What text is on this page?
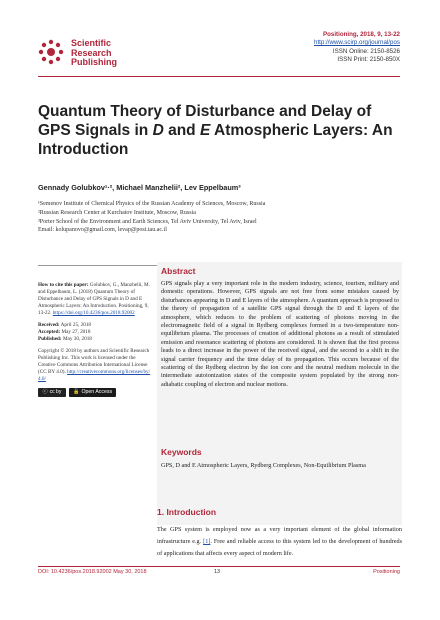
Scientific
Research
Publishing
Positioning, 2018, 9, 13-22
http://www.scirp.org/journal/pos
ISSN Online: 2150-8526
ISSN Print: 2150-850X
Quantum Theory of Disturbance and Delay of
GPS Signals in D and E Atmospheric Layers: An
Introduction
Gennady Golubkov¹·², Michael Manzhelii², Lev Eppelbaum³
¹Semenov Institute of Chemical Physics of the Russian Academy of Sciences, Moscow, Russia
²Russian Research Center at Kurchatov Institute, Moscow, Russia
³Porter School of the Environment and Earth Sciences, Tel Aviv University, Tel Aviv, Israel
Email: kolupanovo@gmail.com, levap@post.tau.ac.il

How to cite this paper: Golubkov, G., Manzhelii, M. and Eppelbaum, L. (2018) Quantum Theory of Disturbance and Delay of GPS Signals in D and E Atmospheric Layers: An Introduction. Positioning, 9, 13-22. https://doi.org/10.4236/pos.2018.92002

Received: April 25, 2018
Accepted: May 27, 2018
Published: May 30, 2018

Copyright © 2018 by authors and Scientific Research Publishing Inc. This work is licensed under the Creative Commons Attribution International License (CC BY 4.0). http://creativecommons.org/licenses/by/4.0/

ⓒ cc by 🔓 Open Access
Abstract
GPS signals play a very important role in the modern industry, science, tourism, military and domestic operations. However, GPS signals are not free from some mistakes caused by disturbances appearing in D and E layers of the atmosphere. A quantum approach is proposed to the theory of propagation of a satellite GPS signal through the D and E layers of the atmosphere, which reduces to the problem of scattering of photons moving in the electromagnetic field of a signal in Rydberg complexes formed in a two-temperature non-equilibrium plasma. The processes of creation of additional photons as a result of stimulated emission and resonance scattering of photons are considered. It is shown that the first process leads to a direct increase in the power of the received signal, and the second to a shift in the signal carrier frequency and the time delay of its propagation. This occurs because of the scattering of the Rydberg electron by the ion core and the neutral medium molecule in the intermediate autoionization states of the composite system populated by the strong non-adiabatic coupling of electron and nuclear motions.
Keywords
GPS, D and E Atmospheric Layers, Rydberg Complexes, Non-Equilibrium Plasma
1. Introduction
The GPS system is employed now as a very important element of the global information infrastructure e.g. [1]. Free and reliable access to this system led to the development of hundreds of applications that affects every aspect of modern life.
DOI: 10.4236/pos.2018.92002 May 30, 2018	13	Positioning
